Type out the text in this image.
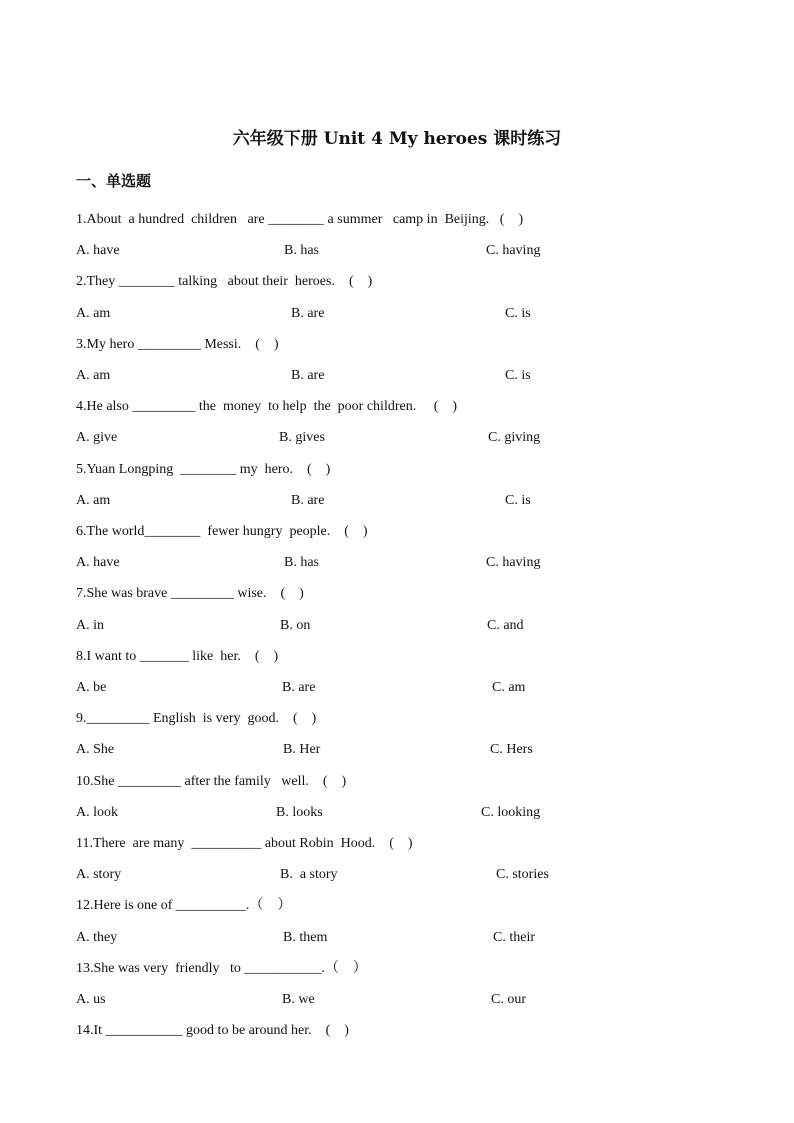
六年级下册 Unit 4 My heroes 课时练习
一、单选题
1.About  a hundred  children   are ________ a summer   camp in  Beijing.   (    )
A. have	B. has	C. having
2.They ________ talking   about their  heroes.    (    )
A. am	B. are	C. is
3.My hero _________ Messi.    (    )
A. am	B. are	C. is
4.He also _________ the  money  to help  the  poor children.     (    )
A. give	B. gives	C. giving
5.Yuan Longping  ________ my  hero.    (    )
A. am	B. are	C. is
6.The world________  fewer hungry  people.    (    )
A. have	B. has	C. having
7.She was brave _________ wise.    (    )
A. in	B. on	C. and
8.I want to _______ like  her.    (    )
A. be	B. are	C. am
9._________ English  is very  good.    (    )
A. She	B. Her	C. Hers
10.She _________ after the family   well.    (    )
A. look	B. looks	C. looking
11.There  are many  __________ about Robin  Hood.    (    )
A. story	B.  a story	C. stories
12.Here is one of __________.（    ）
A. they	B. them	C. their
13.She was very  friendly   to ___________.（    ）
A. us	B. we	C. our
14.It ___________ good to be around her.    (    )
